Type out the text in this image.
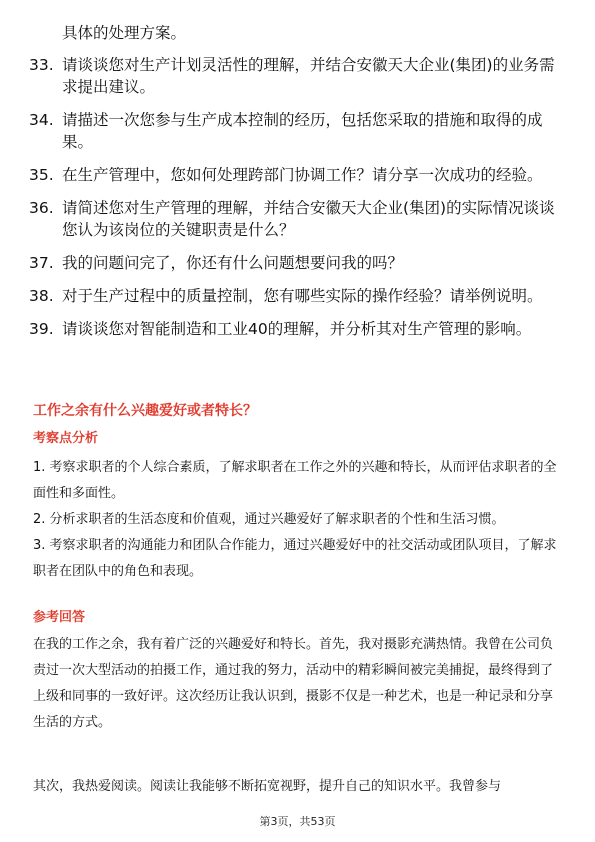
具体的处理方案。

33. 请谈谈您对生产计划灵活性的理解，并结合安徽天大企业(集团)的业务需求提出建议。
34. 请描述一次您参与生产成本控制的经历，包括您采取的措施和取得的成果。
35. 在生产管理中，您如何处理跨部门协调工作？请分享一次成功的经验。
36. 请简述您对生产管理的理解，并结合安徽天大企业(集团)的实际情况谈谈您认为该岗位的关键职责是什么？
37. 我的问题问完了，你还有什么问题想要问我的吗？
38. 对于生产过程中的质量控制，您有哪些实际的操作经验？请举例说明。
39. 请谈谈您对智能制造和工业40的理解，并分析其对生产管理的影响。
工作之余有什么兴趣爱好或者特长？
考察点分析
1. 考察求职者的个人综合素质，了解求职者在工作之外的兴趣和特长，从而评估求职者的全面性和多面性。
2. 分析求职者的生活态度和价值观，通过兴趣爱好了解求职者的个性和生活习惯。
3. 考察求职者的沟通能力和团队合作能力，通过兴趣爱好中的社交活动或团队项目，了解求职者在团队中的角色和表现。
参考回答

在我的工作之余，我有着广泛的兴趣爱好和特长。首先，我对摄影充满热情。我曾在公司负责过一次大型活动的拍摄工作，通过我的努力，活动中的精彩瞬间被完美捕捉，最终得到了上级和同事的一致好评。这次经历让我认识到，摄影不仅是一种艺术，也是一种记录和分享生活的方式。

其次，我热爱阅读。阅读让我能够不断拓宽视野，提升自己的知识水平。我曾参与

第3页，共53页
